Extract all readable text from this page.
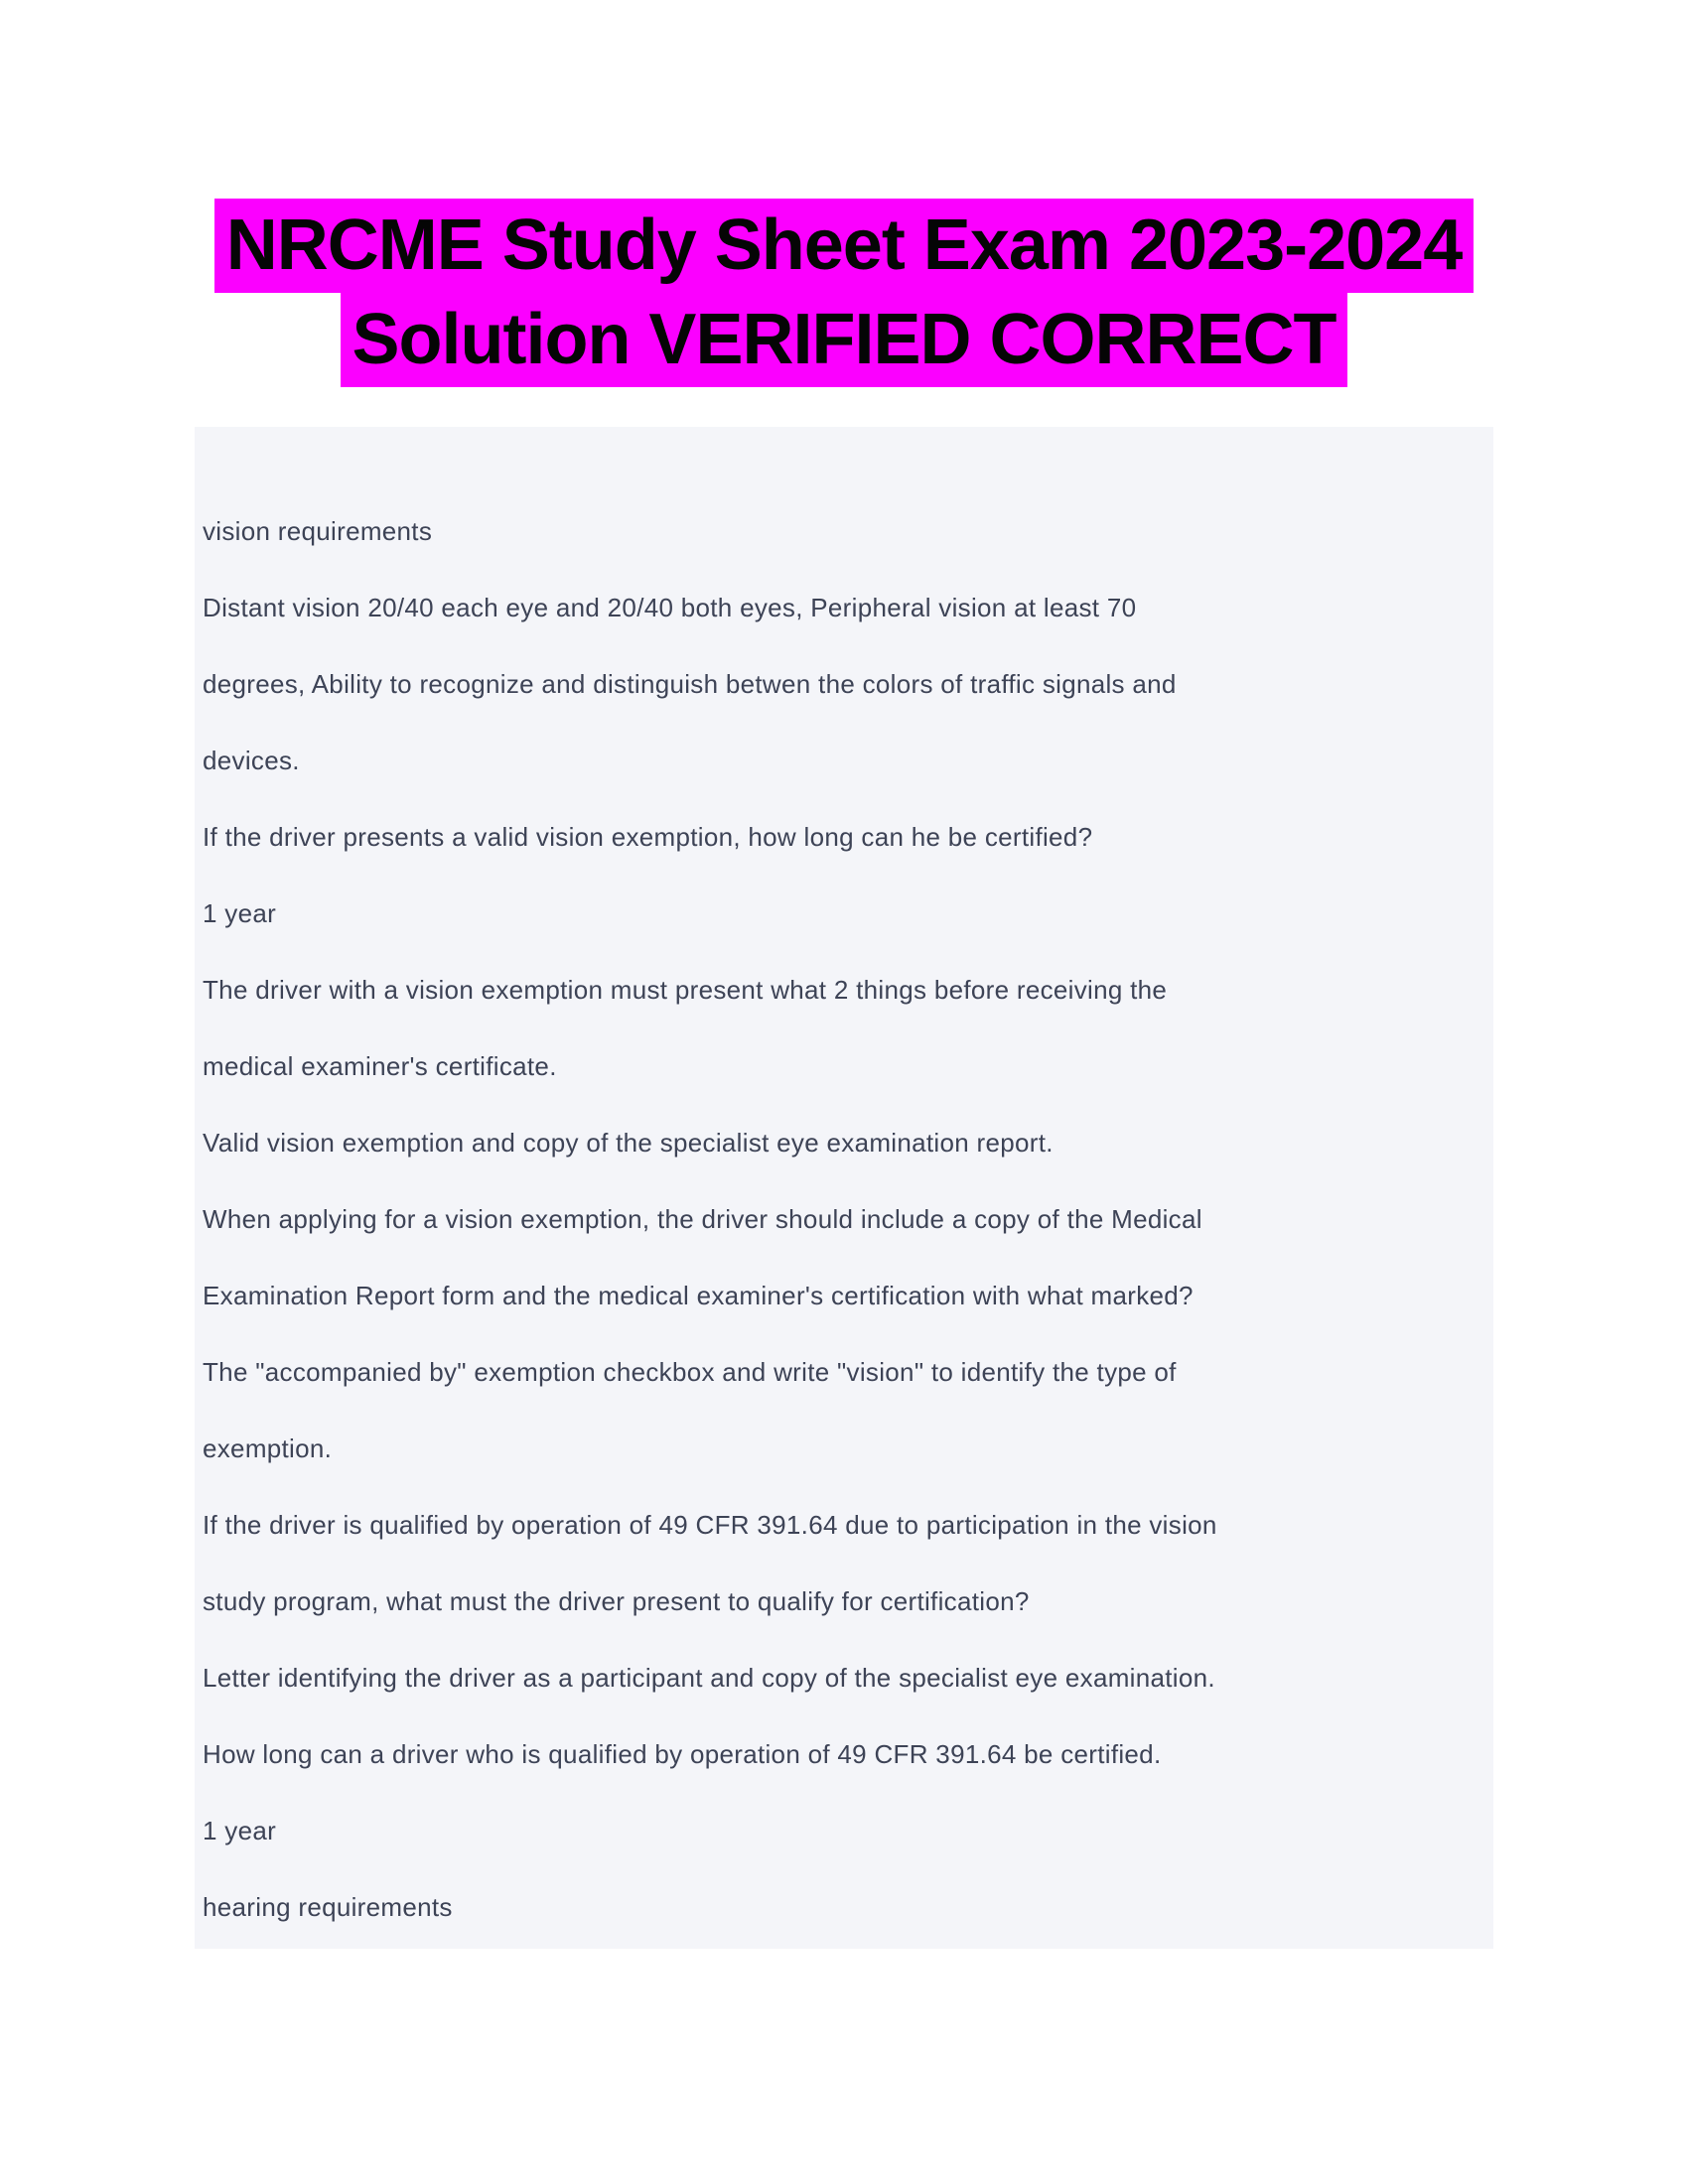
NRCME Study Sheet Exam 2023-2024
Solution VERIFIED CORRECT
vision requirements
Distant vision 20/40 each eye and 20/40 both eyes, Peripheral vision at least 70
degrees, Ability to recognize and distinguish betwen the colors of traffic signals and
devices.
If the driver presents a valid vision exemption, how long can he be certified?
1 year
The driver with a vision exemption must present what 2 things before receiving the
medical examiner's certificate.
Valid vision exemption and copy of the specialist eye examination report.
When applying for a vision exemption, the driver should include a copy of the Medical
Examination Report form and the medical examiner's certification with what marked?
The "accompanied by" exemption checkbox and write "vision" to identify the type of
exemption.
If the driver is qualified by operation of 49 CFR 391.64 due to participation in the vision
study program, what must the driver present to qualify for certification?
Letter identifying the driver as a participant and copy of the specialist eye examination.
How long can a driver who is qualified by operation of 49 CFR 391.64 be certified.
1 year
hearing requirements
